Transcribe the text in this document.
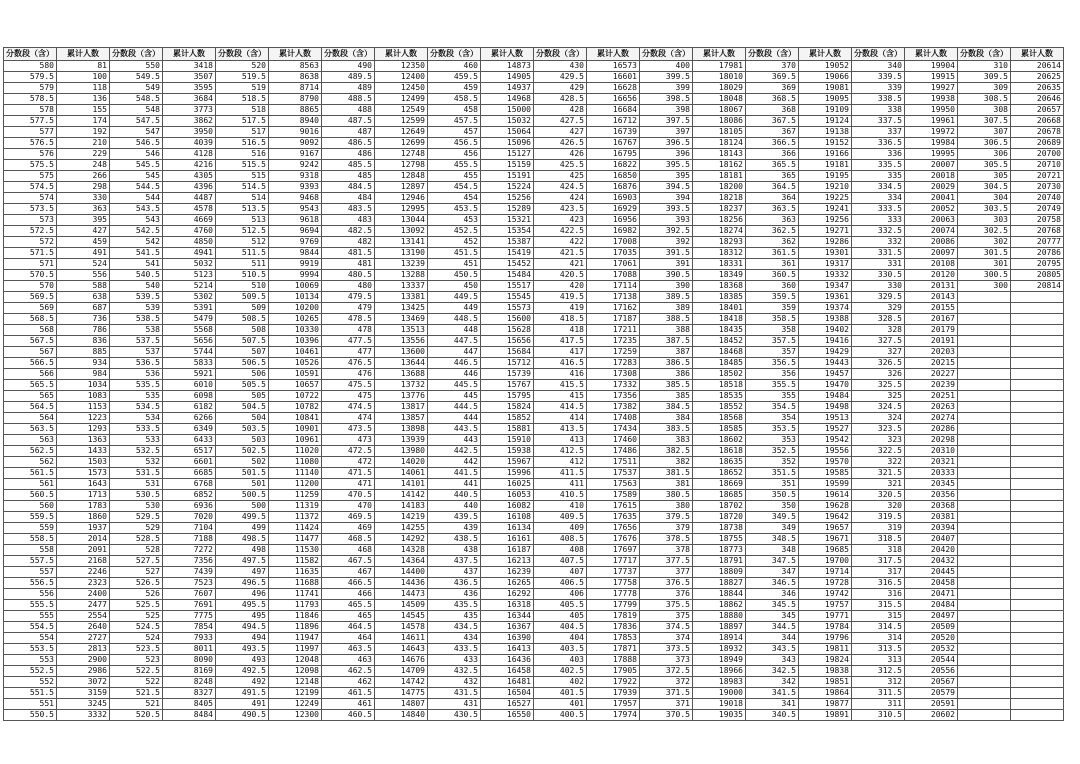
分数段（含）	累计人数	分数段（含）	累计人数	分数段（含）	累计人数	分数段（含）	累计人数	分数段（含）	累计人数	分数段（含）	累计人数	分数段（含）	累计人数	分数段（含）	累计人数	分数段（含）	累计人数	分数段（含）	累计人数
580	81	550	3418	520	8563	490	12350	460	14873	430	16573	400	17981	370	19052	340	19904	310	20614
579.5	100	549.5	3507	519.5	8638	489.5	12400	459.5	14905	429.5	16601	399.5	18010	369.5	19066	339.5	19915	309.5	20625
579	118	549	3595	519	8714	489	12450	459	14937	429	16628	399	18029	369	19081	339	19927	309	20635
578.5	136	548.5	3684	518.5	8790	488.5	12499	458.5	14968	428.5	16656	398.5	18048	368.5	19095	338.5	19938	308.5	20646
578	155	548	3773	518	8865	488	12549	458	15000	428	16684	398	18067	368	19109	338	19950	308	20657
577.5	174	547.5	3862	517.5	8940	487.5	12599	457.5	15032	427.5	16712	397.5	18086	367.5	19124	337.5	19961	307.5	20668
577	192	547	3950	517	9016	487	12649	457	15064	427	16739	397	18105	367	19138	337	19972	307	20678
576.5	210	546.5	4039	516.5	9092	486.5	12699	456.5	15096	426.5	16767	396.5	18124	366.5	19152	336.5	19984	306.5	20689
576	229	546	4128	516	9167	486	12748	456	15127	426	16795	396	18143	366	19166	336	19995	306	20700
575.5	248	545.5	4216	515.5	9242	485.5	12798	455.5	15159	425.5	16822	395.5	18162	365.5	19181	335.5	20007	305.5	20710
575	266	545	4305	515	9318	485	12848	455	15191	425	16850	395	18181	365	19195	335	20018	305	20721
574.5	298	544.5	4396	514.5	9393	484.5	12897	454.5	15224	424.5	16876	394.5	18200	364.5	19210	334.5	20029	304.5	20730
574	330	544	4487	514	9468	484	12946	454	15256	424	16903	394	18218	364	19225	334	20041	304	20740
573.5	363	543.5	4578	513.5	9543	483.5	12995	453.5	15289	423.5	16929	393.5	18237	363.5	19241	333.5	20052	303.5	20749
573	395	543	4669	513	9618	483	13044	453	15321	423	16956	393	18256	363	19256	333	20063	303	20758
572.5	427	542.5	4760	512.5	9694	482.5	13092	452.5	15354	422.5	16982	392.5	18274	362.5	19271	332.5	20074	302.5	20768
572	459	542	4850	512	9769	482	13141	452	15387	422	17008	392	18293	362	19286	332	20086	302	20777
571.5	491	541.5	4941	511.5	9844	481.5	13190	451.5	15419	421.5	17035	391.5	18312	361.5	19301	331.5	20097	301.5	20786
571	524	541	5032	511	9919	481	13239	451	15452	421	17061	391	18331	361	19317	331	20108	301	20795
570.5	556	540.5	5123	510.5	9994	480.5	13288	450.5	15484	420.5	17088	390.5	18349	360.5	19332	330.5	20120	300.5	20805
570	588	540	5214	510	10069	480	13337	450	15517	420	17114	390	18368	360	19347	330	20131	300	20814
569.5	638	539.5	5302	509.5	10134	479.5	13381	449.5	15545	419.5	17138	389.5	18385	359.5	19361	329.5	20143		
569	687	539	5391	509	10200	479	13425	449	15573	419	17162	389	18401	359	19374	329	20155		
568.5	736	538.5	5479	508.5	10265	478.5	13469	448.5	15600	418.5	17187	388.5	18418	358.5	19388	328.5	20167		
568	786	538	5568	508	10330	478	13513	448	15628	418	17211	388	18435	358	19402	328	20179		
567.5	836	537.5	5656	507.5	10396	477.5	13556	447.5	15656	417.5	17235	387.5	18452	357.5	19416	327.5	20191		
567	885	537	5744	507	10461	477	13600	447	15684	417	17259	387	18468	357	19429	327	20203		
566.5	934	536.5	5833	506.5	10526	476.5	13644	446.5	15712	416.5	17283	386.5	18485	356.5	19443	326.5	20215		
566	984	536	5921	506	10591	476	13688	446	15739	416	17308	386	18502	356	19457	326	20227		
565.5	1034	535.5	6010	505.5	10657	475.5	13732	445.5	15767	415.5	17332	385.5	18518	355.5	19470	325.5	20239		
565	1083	535	6098	505	10722	475	13776	445	15795	415	17356	385	18535	355	19484	325	20251		
564.5	1153	534.5	6182	504.5	10782	474.5	13817	444.5	15824	414.5	17382	384.5	18552	354.5	19498	324.5	20263		
564	1223	534	6266	504	10841	474	13857	444	15852	414	17408	384	18568	354	19513	324	20274		
563.5	1293	533.5	6349	503.5	10901	473.5	13898	443.5	15881	413.5	17434	383.5	18585	353.5	19527	323.5	20286		
563	1363	533	6433	503	10961	473	13939	443	15910	413	17460	383	18602	353	19542	323	20298		
562.5	1433	532.5	6517	502.5	11020	472.5	13980	442.5	15938	412.5	17486	382.5	18618	352.5	19556	322.5	20310		
562	1503	532	6601	502	11080	472	14020	442	15967	412	17511	382	18635	352	19570	322	20321		
561.5	1573	531.5	6685	501.5	11140	471.5	14061	441.5	15996	411.5	17537	381.5	18652	351.5	19585	321.5	20333		
561	1643	531	6768	501	11200	471	14101	441	16025	411	17563	381	18669	351	19599	321	20345		
560.5	1713	530.5	6852	500.5	11259	470.5	14142	440.5	16053	410.5	17589	380.5	18685	350.5	19614	320.5	20356		
560	1783	530	6936	500	11319	470	14183	440	16082	410	17615	380	18702	350	19628	320	20368		
559.5	1860	529.5	7020	499.5	11372	469.5	14219	439.5	16108	409.5	17635	379.5	18720	349.5	19642	319.5	20381		
559	1937	529	7104	499	11424	469	14255	439	16134	409	17656	379	18738	349	19657	319	20394		
558.5	2014	528.5	7188	498.5	11477	468.5	14292	438.5	16161	408.5	17676	378.5	18755	348.5	19671	318.5	20407		
558	2091	528	7272	498	11530	468	14328	438	16187	408	17697	378	18773	348	19685	318	20420		
557.5	2168	527.5	7356	497.5	11582	467.5	14364	437.5	16213	407.5	17717	377.5	18791	347.5	19700	317.5	20432		
557	2246	527	7439	497	11635	467	14400	437	16239	407	17737	377	18809	347	19714	317	20445		
556.5	2323	526.5	7523	496.5	11688	466.5	14436	436.5	16265	406.5	17758	376.5	18827	346.5	19728	316.5	20458		
556	2400	526	7607	496	11741	466	14473	436	16292	406	17778	376	18844	346	19742	316	20471		
555.5	2477	525.5	7691	495.5	11793	465.5	14509	435.5	16318	405.5	17799	375.5	18862	345.5	19757	315.5	20484		
555	2554	525	7775	495	11846	465	14545	435	16344	405	17819	375	18880	345	19771	315	20497		
554.5	2640	524.5	7854	494.5	11896	464.5	14578	434.5	16367	404.5	17836	374.5	18897	344.5	19784	314.5	20509		
554	2727	524	7933	494	11947	464	14611	434	16390	404	17853	374	18914	344	19796	314	20520		
553.5	2813	523.5	8011	493.5	11997	463.5	14643	433.5	16413	403.5	17871	373.5	18932	343.5	19811	313.5	20532		
553	2900	523	8090	493	12048	463	14676	433	16436	403	17888	373	18949	343	19824	313	20544		
552.5	2986	522.5	8169	492.5	12098	462.5	14709	432.5	16458	402.5	17905	372.5	18966	342.5	19838	312.5	20556		
552	3072	522	8248	492	12148	462	14742	432	16481	402	17922	372	18983	342	19851	312	20567		
551.5	3159	521.5	8327	491.5	12199	461.5	14775	431.5	16504	401.5	17939	371.5	19000	341.5	19864	311.5	20579		
551	3245	521	8405	491	12249	461	14807	431	16527	401	17957	371	19018	341	19877	311	20591		
550.5	3332	520.5	8484	490.5	12300	460.5	14840	430.5	16550	400.5	17974	370.5	19035	340.5	19891	310.5	20602		
